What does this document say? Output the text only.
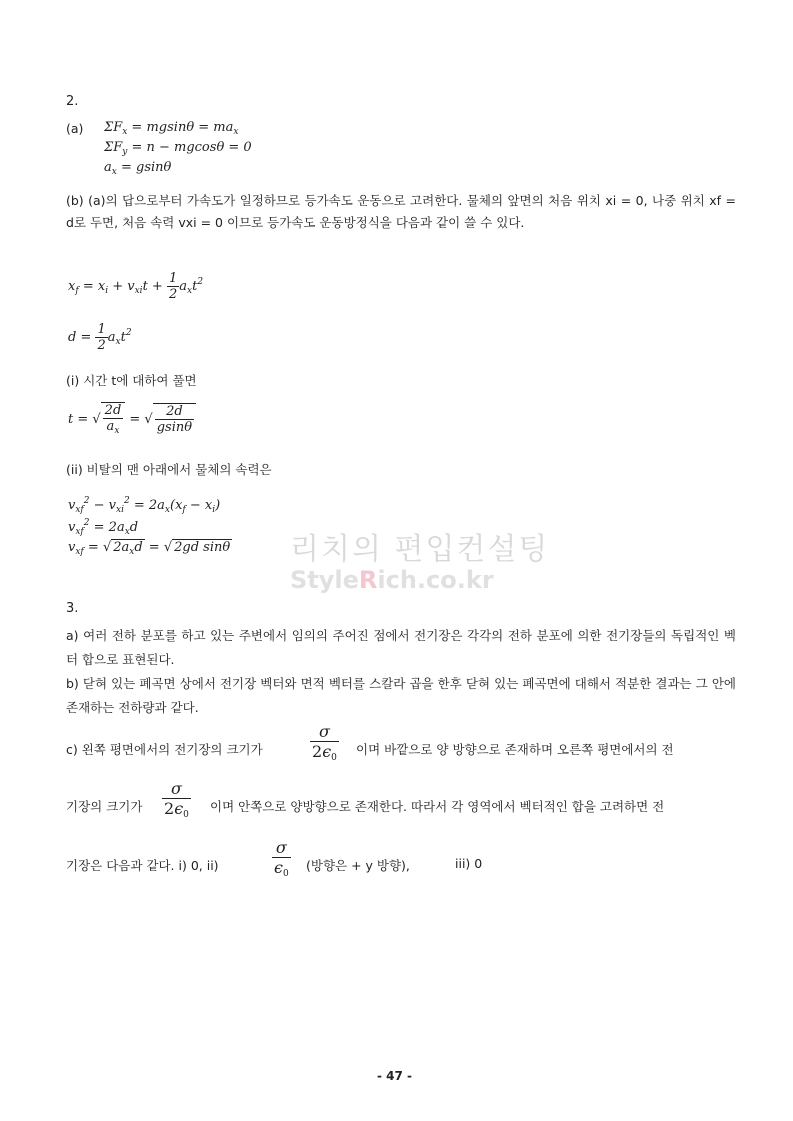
2.
(a) $\Sigma F_x = mgsin\theta = ma_x$
$\Sigma F_y = n - mgcos\theta = 0$
$a_x = gsin\theta$
(b) (a)의 답으로부터 가속도가 일정하므로 등가속도 운동으로 고려한다. 물체의 앞면의 처음 위치 xi = 0, 나중 위치 xf = d로 두면, 처음 속력 vxi = 0 이므로 등가속도 운동방정식을 다음과 같이 쓸 수 있다.
$x_f = x_i + v_{xi}t + \frac{1}{2} a_xt^2$
$d = \frac{1}{2} a_xt^2$
(i) 시간 t에 대하여 풀면
t = √ $\frac{2d}{a_x}$ = √ $\frac{2d}{gsin\theta}$
(ii) 비탈의 맨 아래에서 물체의 속력은
$v_{xf}^2 - v_{xi}^2 = 2a_x(x_f - x_i)$
$v_{xf}^2 = 2a_xd$
$v_{xf}$ = √ $2a_xd$ = √ 2gd sinθ 리치의 편입컨설팅
StyleRich.co.kr
3.
a) 여러 전하 분포를 하고 있는 주변에서 임의의 주어진 점에서 전기장은 각각의 전하 분포에 의한 전기장들의 독립적인 벡터 합으로 표현된다.
b) 닫혀 있는 폐곡면 상에서 전기장 벡터와 면적 벡터를 스칼라 곱을 한후 닫혀 있는 폐곡면에 대해서 적분한 결과는 그 안에 존재하는 전하량과 같다.
c) 왼쪽 평면에서의 전기장의 크기가	$\frac{\sigma}{2\epsilon_0}$ 이며 바깥으로 양 방향으로 존재하며 오른쪽 평면에서의 전
기장의 크기가 $\frac{\sigma}{2\epsilon_0}$ 이며 안쪽으로 양방향으로 존재한다. 따라서 각 영역에서 벡터적인 합을 고려하면 전
기장은 다음과 같다. i) 0, ii)	$\frac{\sigma}{\epsilon_0}$ (방향은 + y 방향),	iii) 0
- 47 -
